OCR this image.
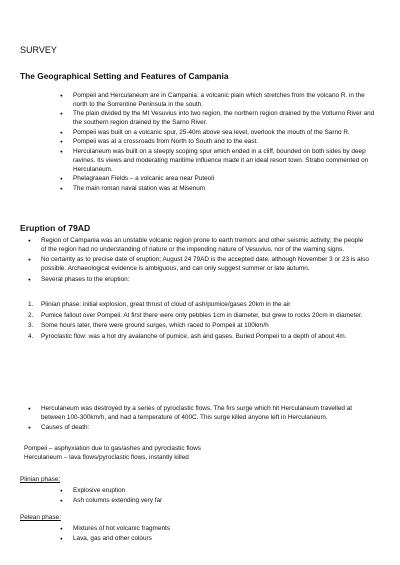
SURVEY
The Geographical Setting and Features of Campania
● Pompeii and Herculaneum are in Campania: a volcanic plain which stretches from the volcano R. in the north to the Sorrentine Peninsula in the south.
● The plain divided by the Mt Vesuvius into two region, the northern region drained by the Volturno River and the southern region drained by the Sarno River.
● Pompeii was built on a volcanic spur, 25-40m above sea level, overlook the mouth of the Sarno R.
● Pompeii was at a crossroads from North to South and to the east.
● Herculaneum was built on a steeply scoping spur which ended in a cliff, bounded on both sides by deep ravines. Its views and moderating maritime influence made it an ideal resort town. Strabo commented on Herculaneum.
● Phelagraean Fields – a volcanic area near Puteoli
● The main roman naval station was at Misenum
Eruption of 79AD
● Region of Campania was an unstable volcanic region prone to earth tremors and other seismic activity; the people of the region had no understanding of nature or the impending nature of Vesuvius, nor of the warning signs.
● No certainty as to precise date of eruption; August 24 79AD is the accepted date, although November 3 or 23 is also possible. Archaeological evidence is ambiguous, and can only suggest summer or late autumn.
● Several phases to the eruption:
1. Plinian phase: initial explosion, great thrust of cloud of ash/pumice/gases 20km in the air
2. Pumice fallout over Pompeii. At first there were only pebbles 1cm in diameter, but grew to rocks 20cm in diameter.
3. Some hours later, there were ground surges, which raced to Pompeii at 100km/h
4. Pyroclastic flow: was a hot dry avalanche of pumice, ash and gases. Buried Pompeii to a depth of about 4m.
● Herculaneum was destroyed by a series of pyroclastic flows. The firs surge which hit Herculaneum travelled at between 100-300km/h, and had a temperature of 400C. This surge killed anyone left in Herculaneum.
● Causes of death:
Pompeii – asphyxiation due to gas/ashes and pyroclastic flows
Herculaneum – lava flows/pyroclastic flows, instantly killed
Plinian phase:
● Explosive eruption
● Ash columns extending very far
Pelean phase:
● Mixtures of hot volcanic fragments
● Lava, gas and other colours
